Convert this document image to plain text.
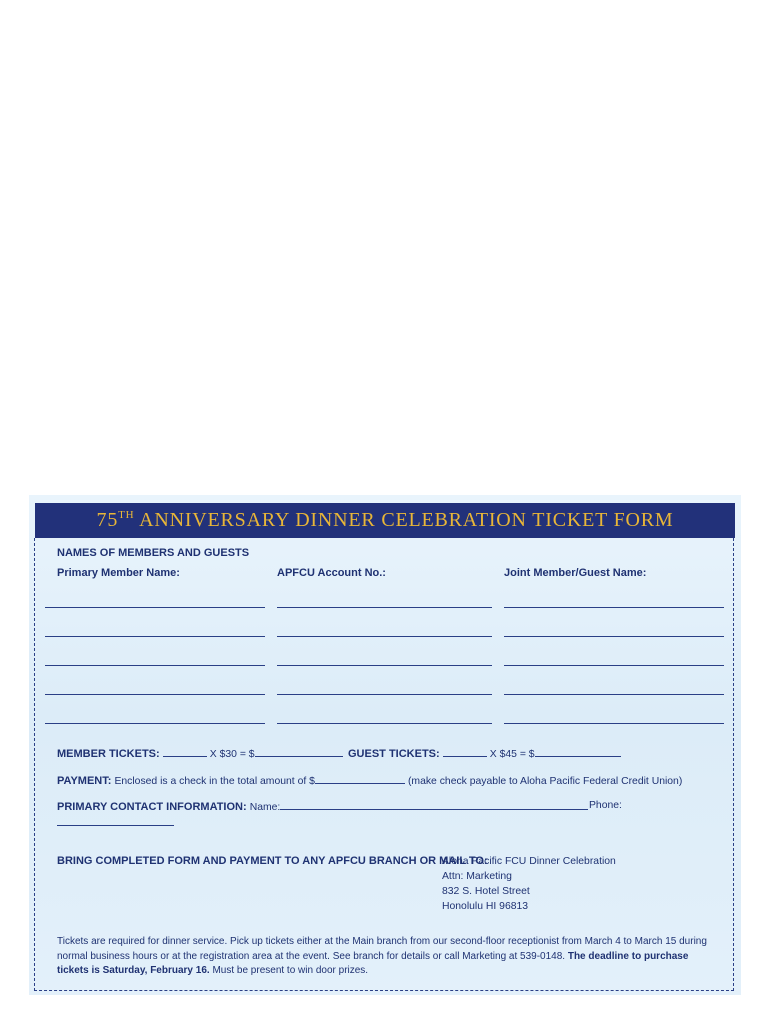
75TH ANNIVERSARY DINNER CELEBRATION TICKET FORM
NAMES OF MEMBERS AND GUESTS
Primary Member Name:	APFCU Account No.:	Joint Member/Guest Name:
MEMBER TICKETS:	X $30 = $	GUEST TICKETS:	X $45 = $
PAYMENT: Enclosed is a check in the total amount of $	(make check payable to Aloha Pacific Federal Credit Union)
PRIMARY CONTACT INFORMATION: Name:	Phone:
BRING COMPLETED FORM AND PAYMENT TO ANY APFCU BRANCH OR MAIL TO:
Aloha Pacific FCU Dinner Celebration
Attn: Marketing
832 S. Hotel Street
Honolulu HI 96813
Tickets are required for dinner service. Pick up tickets either at the Main branch from our second-floor receptionist from March 4 to March 15 during normal business hours or at the registration area at the event. See branch for details or call Marketing at 539-0148. The deadline to purchase tickets is Saturday, February 16. Must be present to win door prizes.
